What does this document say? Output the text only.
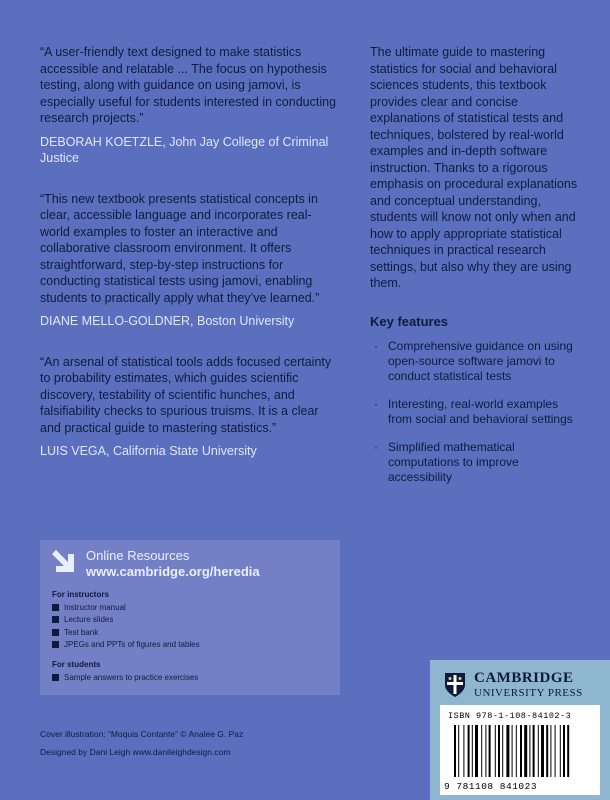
“A user-friendly text designed to make statistics accessible and relatable ... The focus on hypothesis testing, along with guidance on using jamovi, is especially useful for students interested in conducting research projects.”

DEBORAH KOETZLE, John Jay College of Criminal Justice

“This new textbook presents statistical concepts in clear, accessible language and incorporates real-world examples to foster an interactive and collaborative classroom environment. It offers straightforward, step-by-step instructions for conducting statistical tests using jamovi, enabling students to practically apply what they’ve learned.”

DIANE MELLO-GOLDNER, Boston University

“An arsenal of statistical tools adds focused certainty to probability estimates, which guides scientific discovery, testability of scientific hunches, and falsifiability checks to spurious truisms. It is a clear and practical guide to mastering statistics.”

LUIS VEGA, California State University

The ultimate guide to mastering statistics for social and behavioral sciences students, this textbook provides clear and concise explanations of statistical tests and techniques, bolstered by real-world examples and in-depth software instruction. Thanks to a rigorous emphasis on procedural explanations and conceptual understanding, students will know not only when and how to apply appropriate statistical techniques in practical research settings, but also why they are using them.

Key features
· Comprehensive guidance on using open-source software jamovi to conduct statistical tests
· Interesting, real-world examples from social and behavioral settings
· Simplified mathematical computations to improve accessibility
Online Resources
www.cambridge.org/heredia
For instructors
Instructor manual
Lecture slides
Test bank
JPEGs and PPTs of figures and tables
For students
Sample answers to practice exercises
Cover illustration: “Moquis Contante” © Analee G. Paz
Designed by Dani Leigh www.danileighdesign.com
CAMBRIDGE
UNIVERSITY PRESS
ISBN 978-1-108-84102-3
9 781108 841023
